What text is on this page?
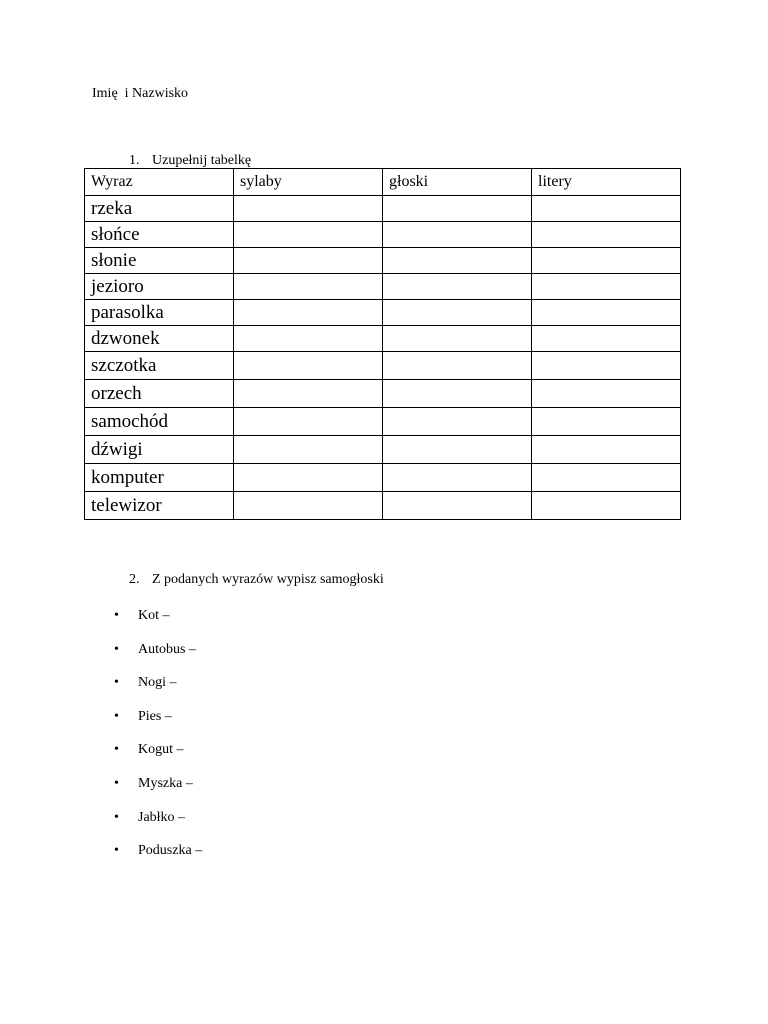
Imię  i Nazwisko

1. Uzupełnij tabelkę

Wyraz	sylaby	głoski	litery
rzeka			
słońce			
słonie			
jezioro			
parasolka			
dzwonek			
szczotka			
orzech			
samochód			
dźwigi			
komputer			
telewizor			

2. Z podanych wyrazów wypisz samogłoski

• Kot –
• Autobus –
• Nogi –
• Pies –
• Kogut –
• Myszka –
• Jabłko –
• Poduszka –
